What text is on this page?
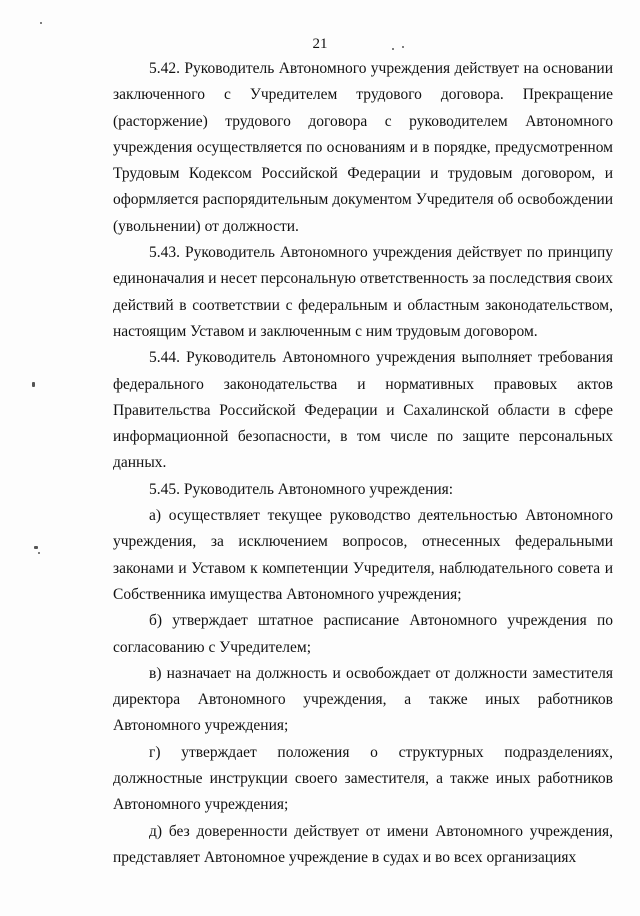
21

5.42. Руководитель Автономного учреждения действует на основании заключенного с Учредителем трудового договора. Прекращение (расторжение) трудового договора с руководителем Автономного учреждения осуществляется по основаниям и в порядке, предусмотренном Трудовым Кодексом Российской Федерации и трудовым договором, и оформляется распорядительным документом Учредителя об освобождении (увольнении) от должности.

5.43. Руководитель Автономного учреждения действует по принципу единоначалия и несет персональную ответственность за последствия своих действий в соответствии с федеральным и областным законодательством, настоящим Уставом и заключенным с ним трудовым договором.

5.44. Руководитель Автономного учреждения выполняет требования федерального законодательства и нормативных правовых актов Правительства Российской Федерации и Сахалинской области в сфере информационной безопасности, в том числе по защите персональных данных.

5.45. Руководитель Автономного учреждения:

а) осуществляет текущее руководство деятельностью Автономного учреждения, за исключением вопросов, отнесенных федеральными законами и Уставом к компетенции Учредителя, наблюдательного совета и Собственника имущества Автономного учреждения;

б) утверждает штатное расписание Автономного учреждения по согласованию с Учредителем;

в) назначает на должность и освобождает от должности заместителя директора Автономного учреждения, а также иных работников Автономного учреждения;

г) утверждает положения о структурных подразделениях, должностные инструкции своего заместителя, а также иных работников Автономного учреждения;

д) без доверенности действует от имени Автономного учреждения, представляет Автономное учреждение в судах и во всех организациях
